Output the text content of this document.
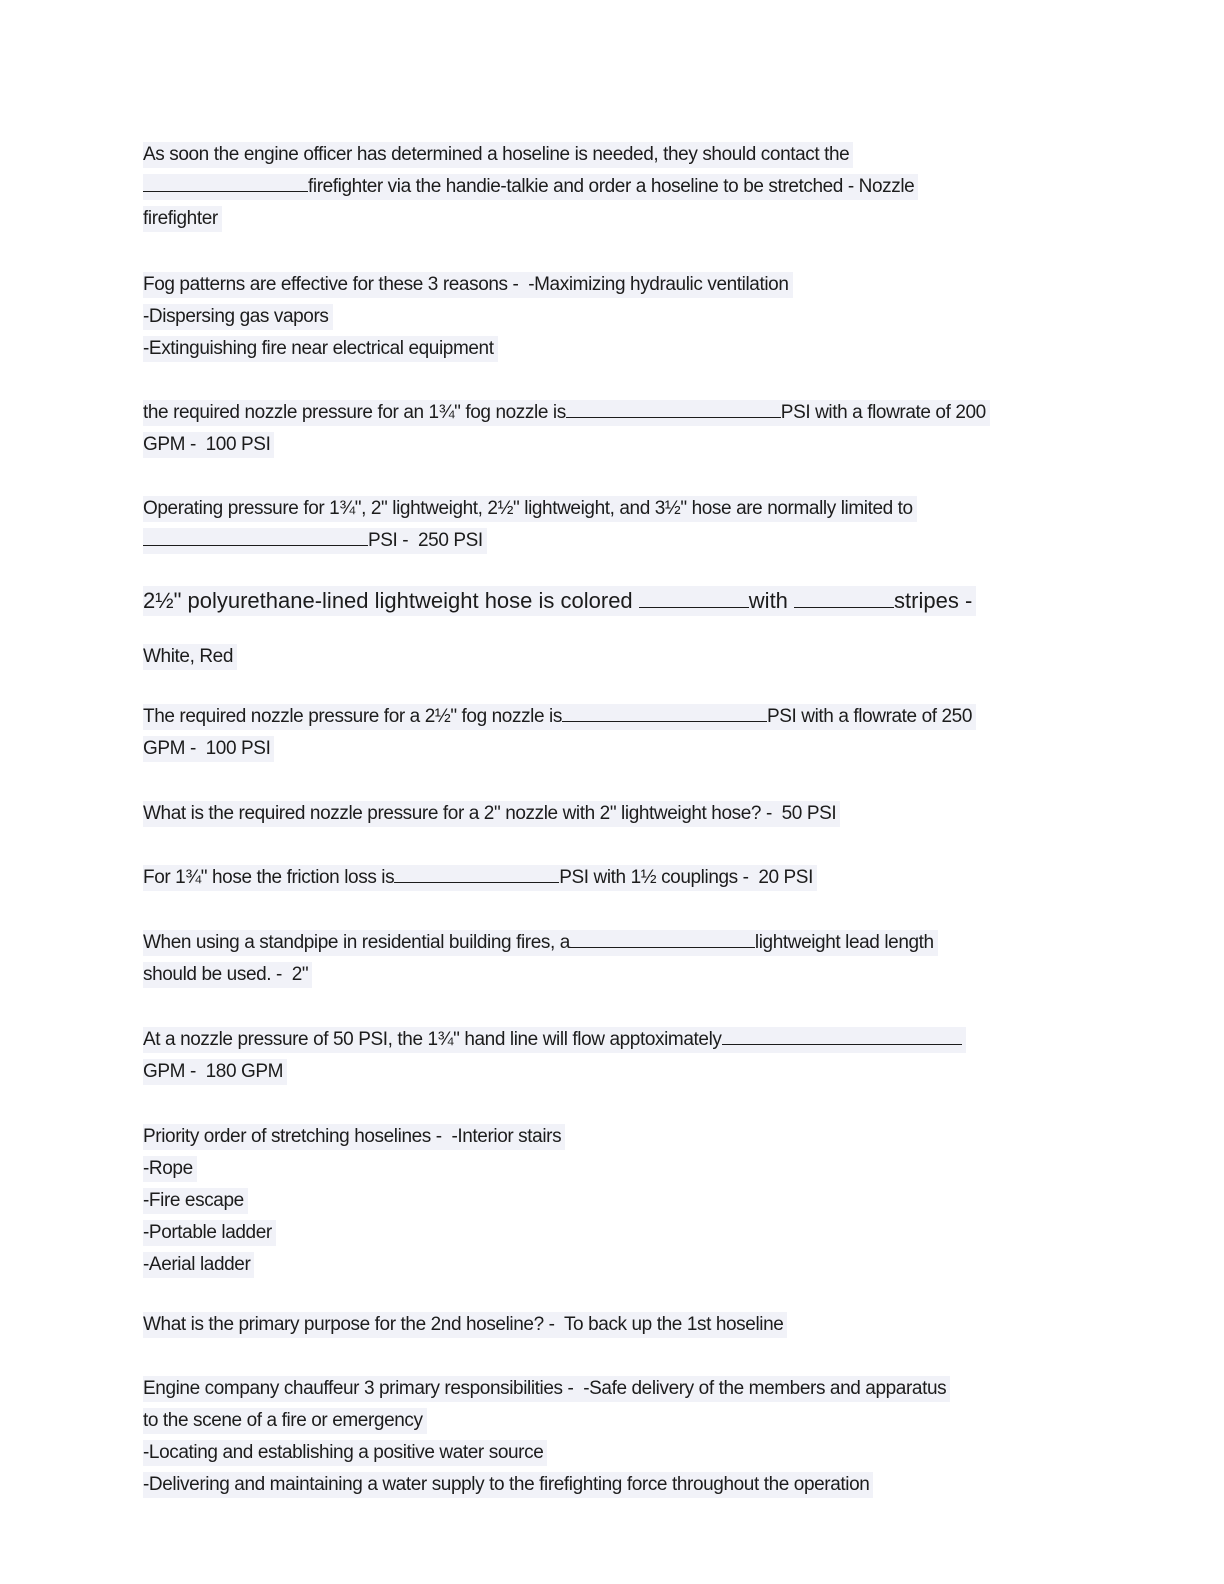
As soon the engine officer has determined a hoseline is needed, they should contact the
firefighter via the handie-talkie and order a hoseline to be stretched - Nozzle
firefighter
Fog patterns are effective for these 3 reasons -  -Maximizing hydraulic ventilation
-Dispersing gas vapors
-Extinguishing fire near electrical equipment
the required nozzle pressure for an 1¾" fog nozzle is	PSI with a flowrate of 200
GPM -  100 PSI
Operating pressure for 1¾", 2" lightweight, 2½" lightweight, and 3½" hose are normally limited to
PSI -  250 PSI
2½" polyurethane-lined lightweight hose is colored	with	stripes -
White, Red
The required nozzle pressure for a 2½" fog nozzle is	PSI with a flowrate of 250
GPM -  100 PSI
What is the required nozzle pressure for a 2" nozzle with 2" lightweight hose? -  50 PSI
For 1¾" hose the friction loss is	PSI with 1½ couplings -  20 PSI
When using a standpipe in residential building fires, a	lightweight lead length
should be used. -  2"
At a nozzle pressure of 50 PSI, the 1¾" hand line will flow apptoximately
GPM -  180 GPM
Priority order of stretching hoselines -  -Interior stairs
-Rope
-Fire escape
-Portable ladder
-Aerial ladder
What is the primary purpose for the 2nd hoseline? -  To back up the 1st hoseline
Engine company chauffeur 3 primary responsibilities -  -Safe delivery of the members and apparatus
to the scene of a fire or emergency
-Locating and establishing a positive water source
-Delivering and maintaining a water supply to the firefighting force throughout the operation
